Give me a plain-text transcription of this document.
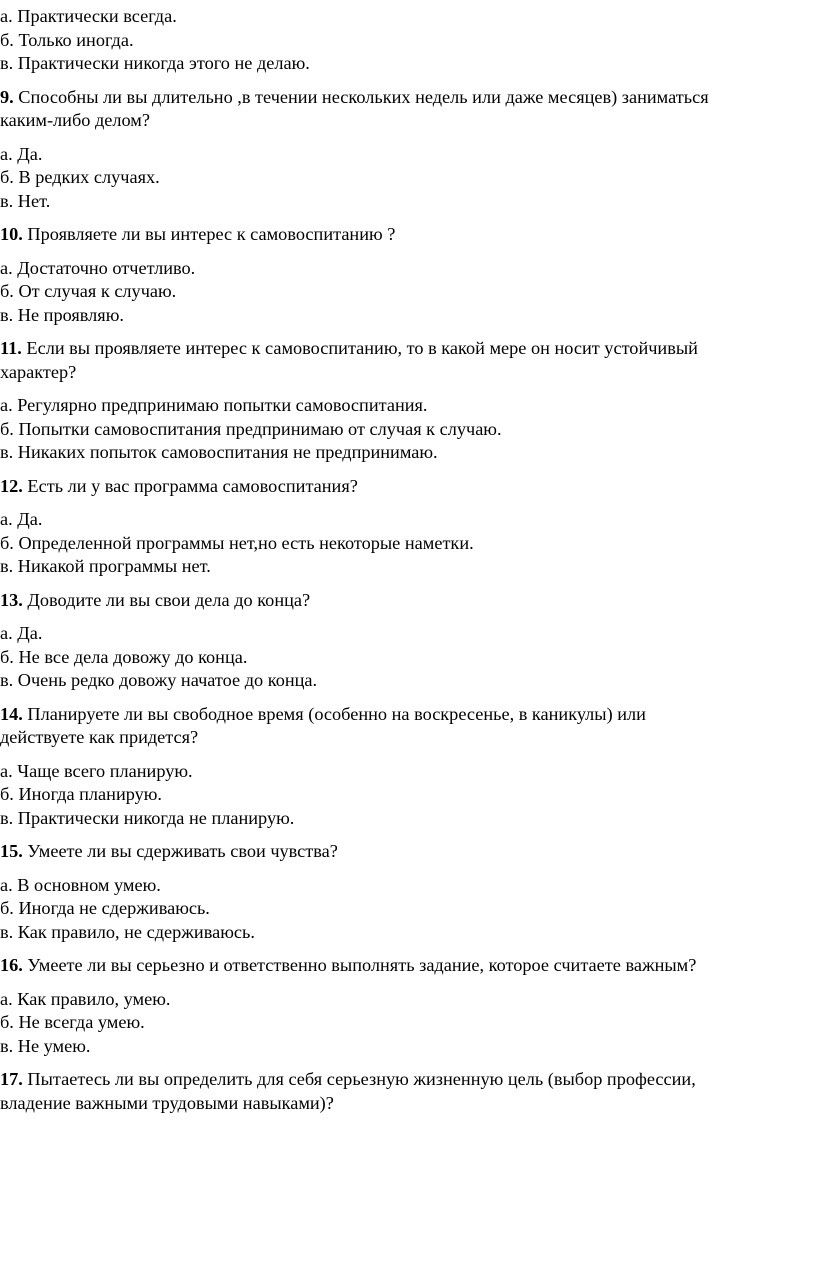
а. Практически всегда.
б. Только иногда.
в. Практически никогда этого не делаю.
9. Способны ли вы длительно ,в течении нескольких недель или даже месяцев) заниматься
каким-либо делом?
а. Да.
б. В редких случаях.
в. Нет.
10. Проявляете ли вы интерес к самовоспитанию ?
а. Достаточно отчетливо.
б. От случая к случаю.
в. Не проявляю.
11. Если вы проявляете интерес к самовоспитанию, то в какой мере он носит устойчивый
характер?
а. Регулярно предпринимаю попытки самовоспитания.
б. Попытки самовоспитания предпринимаю от случая к случаю.
в. Никаких попыток самовоспитания не предпринимаю.
12. Есть ли у вас программа самовоспитания?
а. Да.
б. Определенной программы нет,но есть некоторые наметки.
в. Никакой программы нет.
13. Доводите ли вы свои дела до конца?
а. Да.
б. Не все дела довожу до конца.
в. Очень редко довожу начатое до конца.
14. Планируете ли вы свободное время (особенно на воскресенье, в каникулы) или
действуете как придется?
а. Чаще всего планирую.
б. Иногда планирую.
в. Практически никогда не планирую.
15. Умеете ли вы сдерживать свои чувства?
а. В основном умею.
б. Иногда не сдерживаюсь.
в. Как правило, не сдерживаюсь.
16. Умеете ли вы серьезно и ответственно выполнять задание, которое считаете важным?
а. Как правило, умею.
б. Не всегда умею.
в. Не умею.
17. Пытаетесь ли вы определить для себя серьезную жизненную цель (выбор профессии,
владение важными трудовыми навыками)?
